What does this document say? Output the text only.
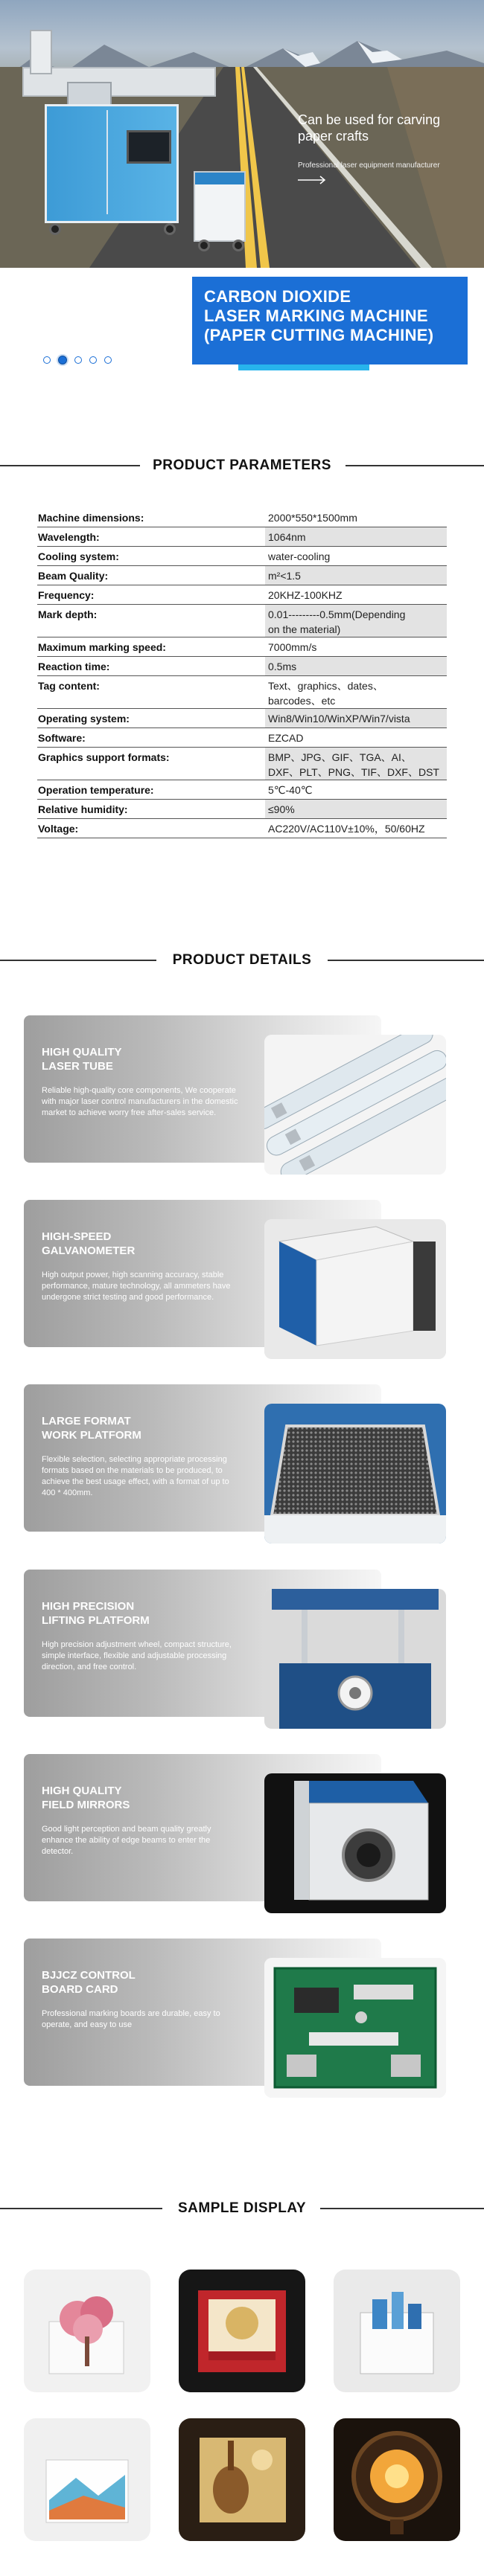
Can be used for carving paper crafts
Professional laser equipment manufacturer
CARBON DIOXIDE
LASER MARKING MACHINE
(PAPER CUTTING MACHINE)
PRODUCT PARAMETERS
Machine dimensions:	2000*550*1500mm
Wavelength:	1064nm
Cooling system:	water-cooling
Beam Quality:	m²<1.5
Frequency:	20KHZ-100KHZ
Mark depth:	0.01---------0.5mm(Depending
on the material)
Maximum marking speed:	7000mm/s
Reaction time:	0.5ms
Tag content:	Text、graphics、dates、
barcodes、etc
Operating system:	Win8/Win10/WinXP/Win7/vista
Software:	EZCAD
Graphics support formats:	BMP、JPG、GIF、TGA、AI、
DXF、PLT、PNG、TIF、DXF、DST
Operation temperature:	5℃-40℃
Relative humidity:	≤90%
Voltage:	AC220V/AC110V±10%，50/60HZ
PRODUCT DETAILS
HIGH QUALITY
LASER TUBE
Reliable high-quality core components, We cooperate with major laser control manufacturers in the domestic market to achieve worry free after-sales service.
HIGH-SPEED
GALVANOMETER
High output power, high scanning accuracy, stable performance, mature technology, all ammeters have undergone strict testing and good performance.
LARGE FORMAT
WORK PLATFORM
Flexible selection, selecting appropriate processing formats based on the materials to be produced, to achieve the best usage effect, with a format of up to 400 * 400mm.
HIGH PRECISION
LIFTING PLATFORM
High precision adjustment wheel, compact structure, simple interface, flexible and adjustable processing direction, and free control.
HIGH QUALITY
FIELD MIRRORS
Good light perception and beam quality greatly enhance the ability of edge beams to enter the detector.
BJJCZ CONTROL
BOARD CARD
Professional marking boards are durable, easy to operate, and easy to use
SAMPLE DISPLAY
